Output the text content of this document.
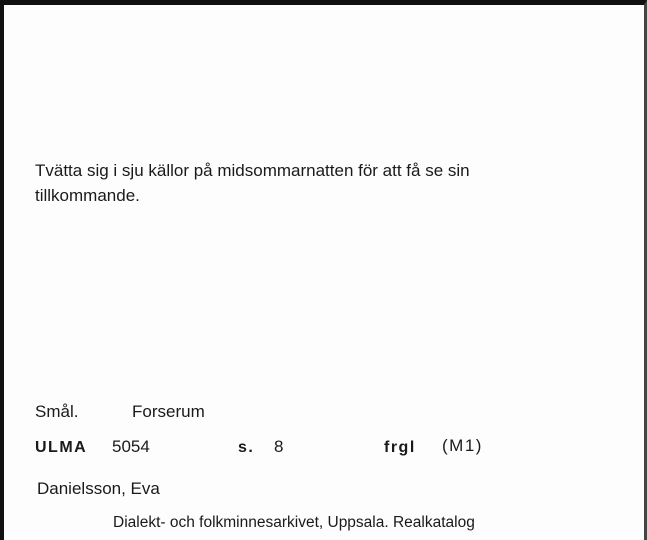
Tvätta sig i sju källor på midsommarnatten för att få se sin
tillkommande.
Smål.	Forserum
ULMA 5054	s. 8	frgl (M1)
Danielsson, Eva
Dialekt- och folkminnesarkivet, Uppsala. Realkatalog
